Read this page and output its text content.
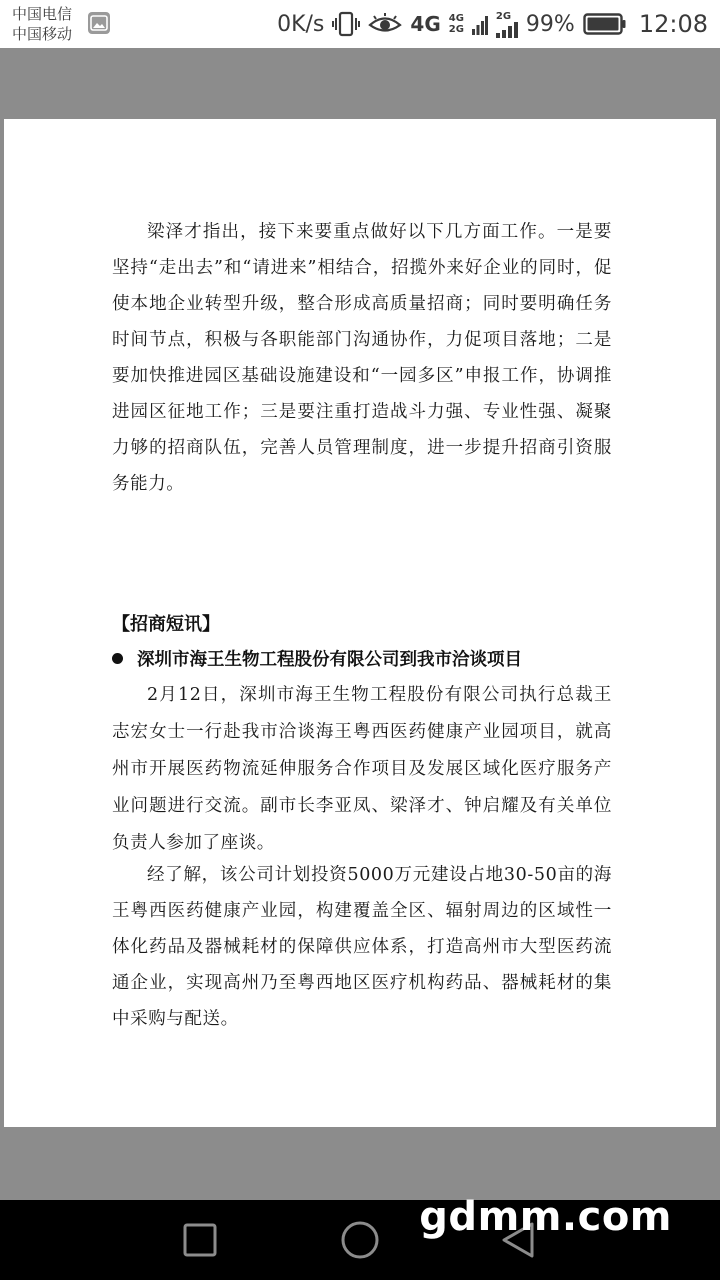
中国电信
中国移动	0K/s	4G 4G
2G
2G 99%	12:08
梁泽才指出，接下来要重点做好以下几方面工作。一是要坚持“走出去”和“请进来”相结合，招揽外来好企业的同时，促使本地企业转型升级，整合形成高质量招商；同时要明确任务时间节点，积极与各职能部门沟通协作，力促项目落地；二是要加快推进园区基础设施建设和“一园多区”申报工作，协调推进园区征地工作；三是要注重打造战斗力强、专业性强、凝聚力够的招商队伍，完善人员管理制度，进一步提升招商引资服务能力。
【招商短讯】
深圳市海王生物工程股份有限公司到我市洽谈项目
2月12日，深圳市海王生物工程股份有限公司执行总裁王志宏女士一行赴我市洽谈海王粤西医药健康产业园项目，就高州市开展医药物流延伸服务合作项目及发展区域化医疗服务产业问题进行交流。副市长李亚凤、梁泽才、钟启耀及有关单位负责人参加了座谈。
经了解，该公司计划投资5000万元建设占地30-50亩的海王粤西医药健康产业园，构建覆盖全区、辐射周边的区域性一体化药品及器械耗材的保障供应体系，打造高州市大型医药流通企业，实现高州乃至粤西地区医疗机构药品、器械耗材的集中采购与配送。
gdmm.com
